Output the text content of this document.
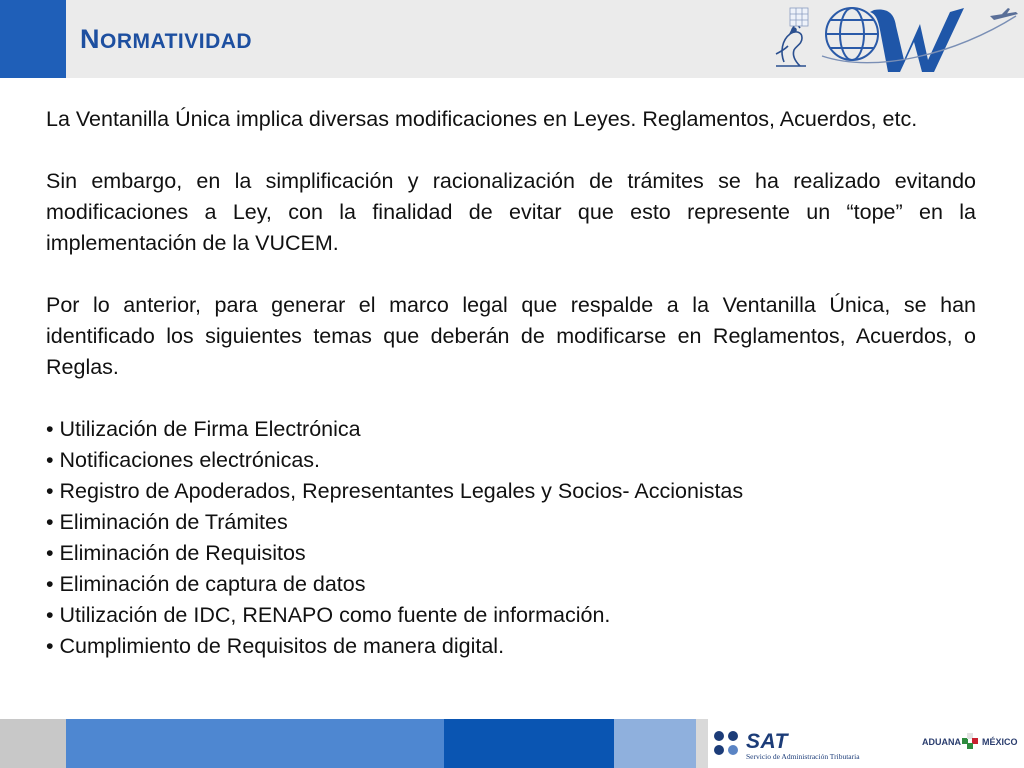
NORMATIVIDAD

La Ventanilla Única implica diversas modificaciones en Leyes. Reglamentos, Acuerdos, etc.

Sin embargo, en la simplificación y racionalización de trámites se ha realizado evitando modificaciones a Ley, con la finalidad de evitar que esto represente un “tope” en la implementación de la VUCEM.

Por lo anterior, para generar el marco legal que respalde a la Ventanilla Única, se han identificado los siguientes temas que deberán de modificarse en Reglamentos, Acuerdos, o Reglas.

• Utilización de Firma Electrónica
• Notificaciones electrónicas.
• Registro de Apoderados, Representantes Legales y Socios- Accionistas
• Eliminación de Trámites
• Eliminación de Requisitos
• Eliminación de captura de datos
• Utilización de IDC, RENAPO como fuente de información.
• Cumplimiento de Requisitos de manera digital.
SAT
Servicio de Administración Tributaria
ADUANA MÉXICO
